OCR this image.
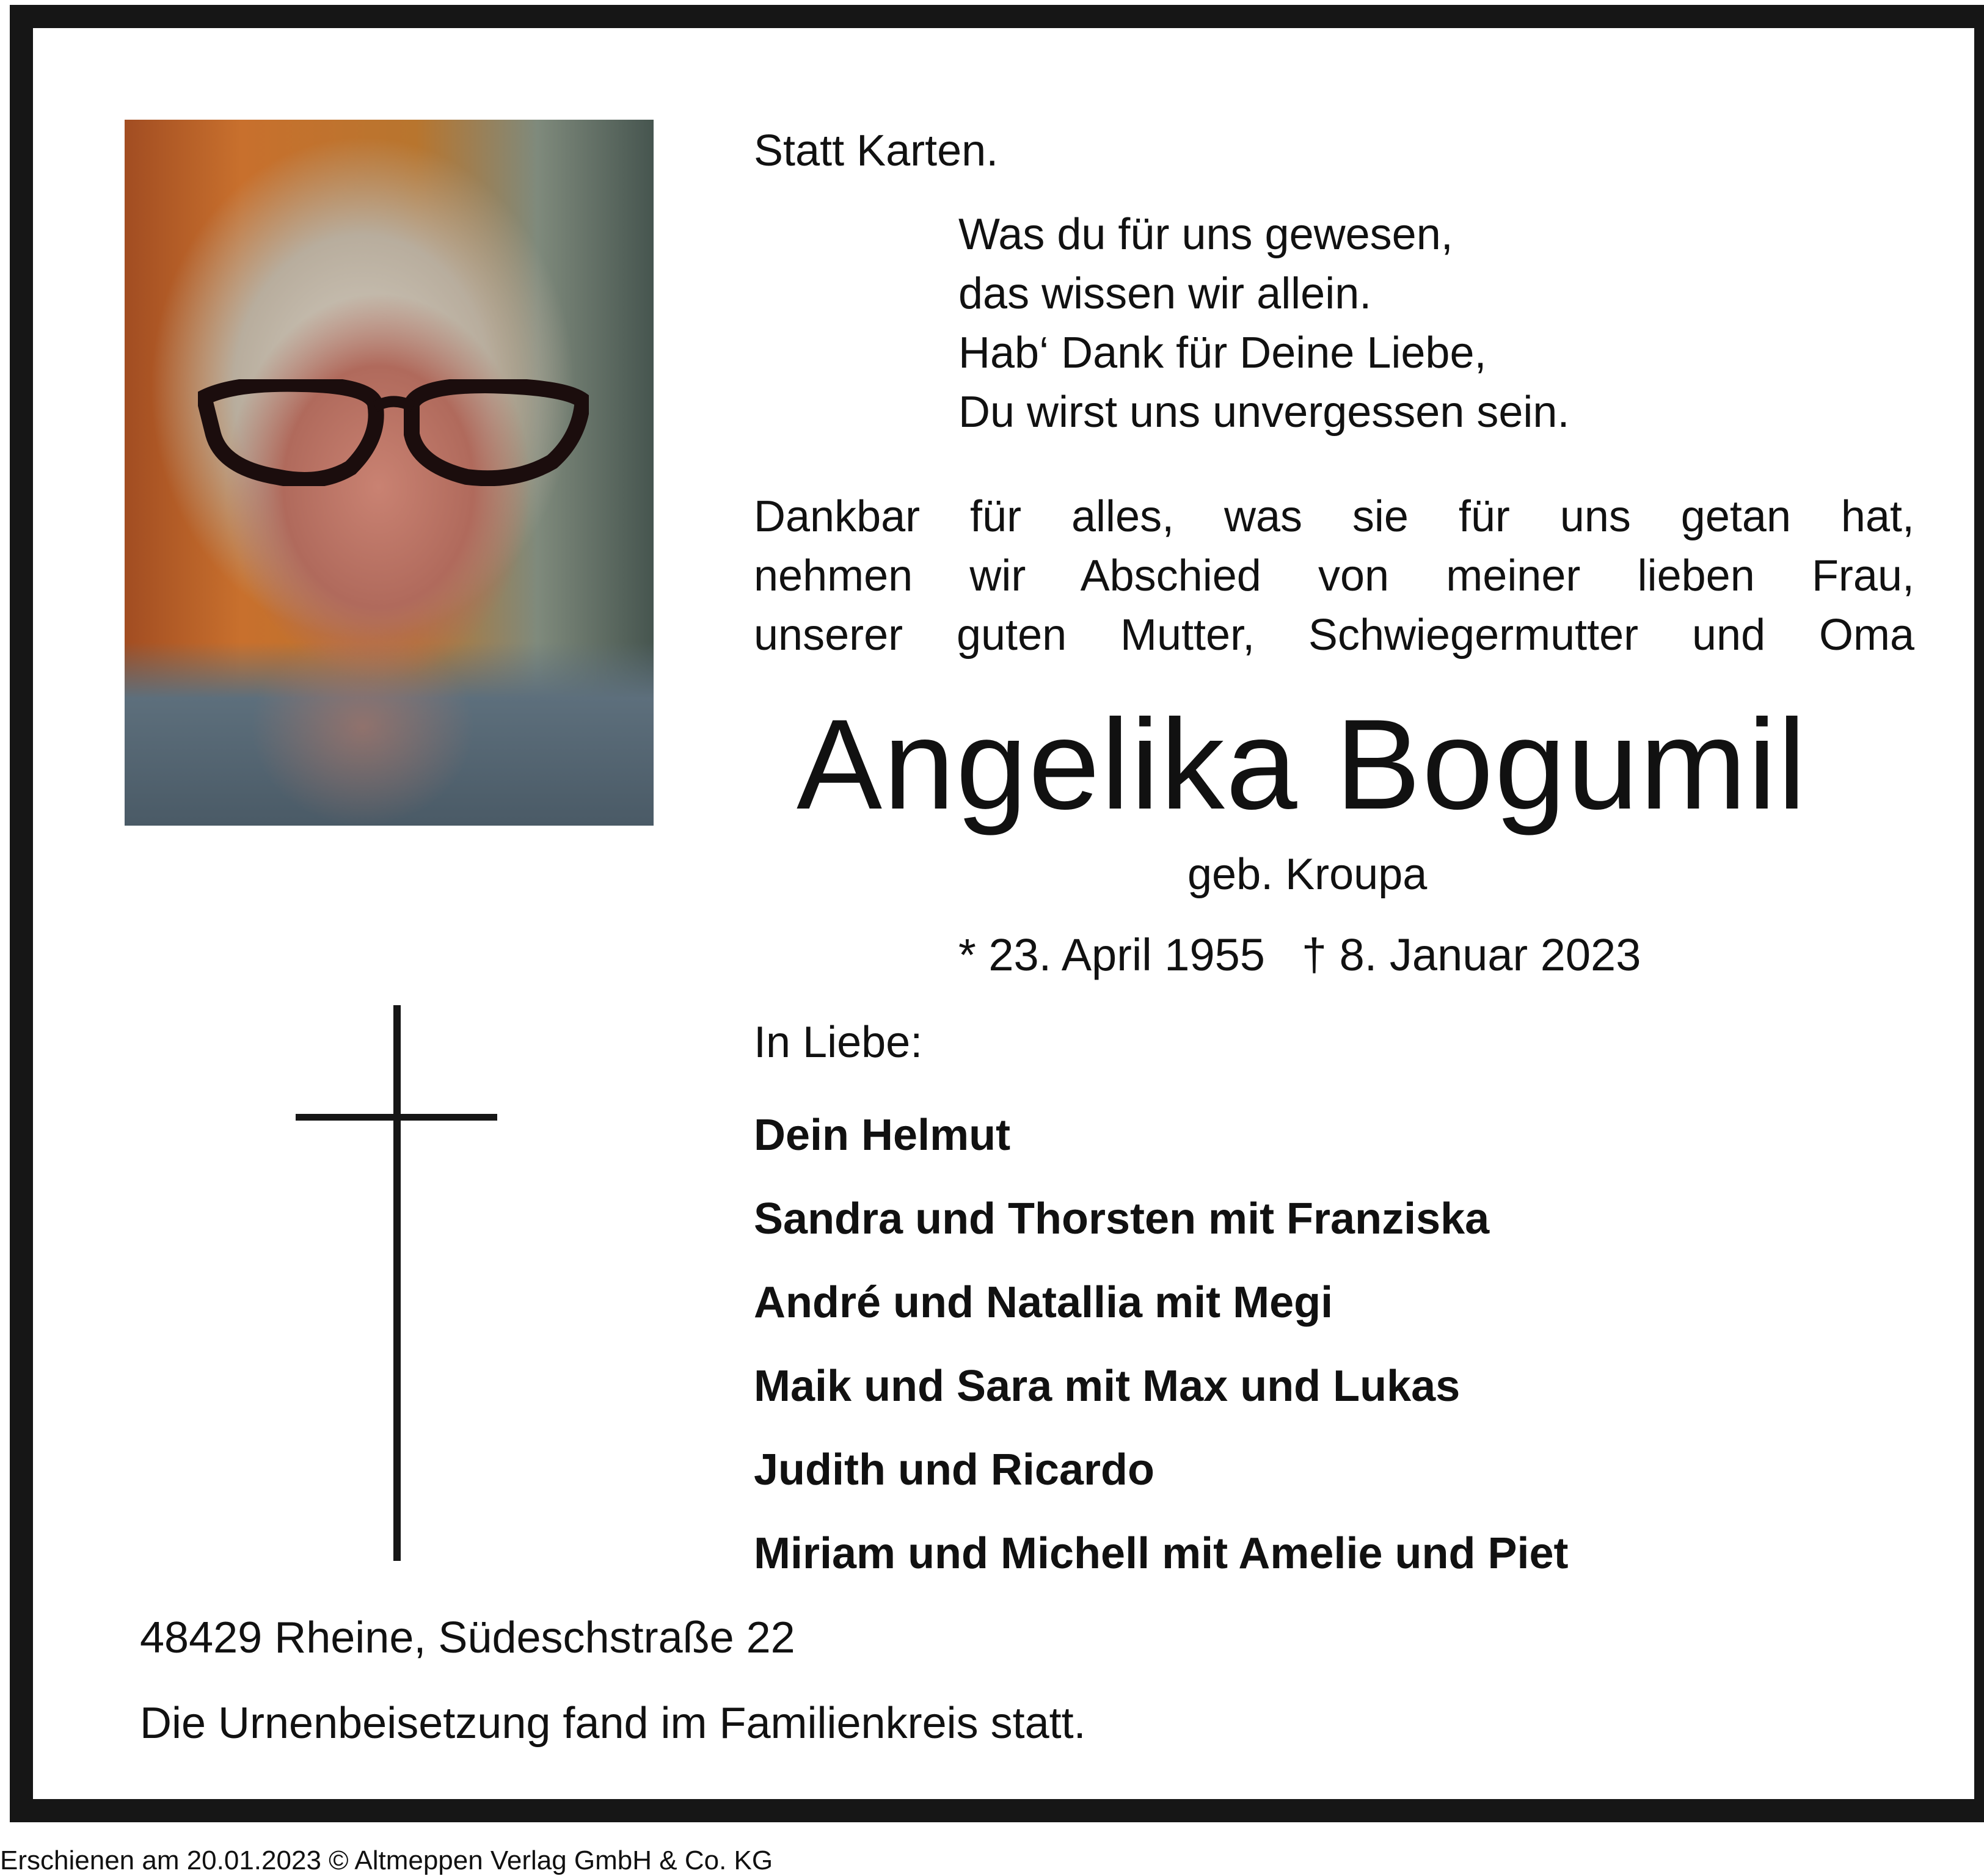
Statt Karten.
Was du für uns gewesen,
das wissen wir allein.
Hab‘ Dank für Deine Liebe,
Du wirst uns unvergessen sein.
Dankbar für alles, was sie für uns getan hat,
nehmen wir Abschied von meiner lieben Frau,
unserer guten Mutter, Schwiegermutter und Oma
Angelika Bogumil
geb. Kroupa
* 23. April 1955 † 8. Januar 2023
In Liebe:
Dein Helmut
Sandra und Thorsten mit Franziska
André und Natallia mit Megi
Maik und Sara mit Max und Lukas
Judith und Ricardo
Miriam und Michell mit Amelie und Piet
48429 Rheine, Südeschstraße 22
Die Urnenbeisetzung fand im Familienkreis statt.
Erschienen am 20.01.2023 © Altmeppen Verlag GmbH & Co. KG
